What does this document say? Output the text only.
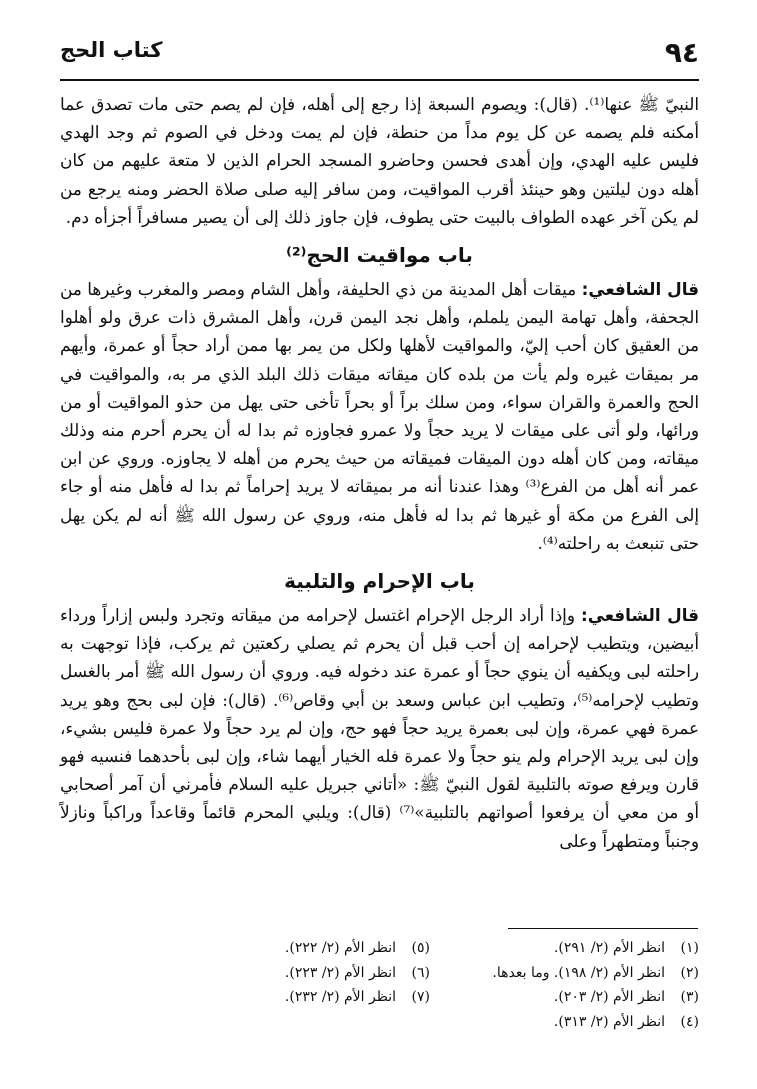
٩٤
كتاب الحج

النبيّ ﷺ عنها⁽¹⁾. (قال): ويصوم السبعة إذا رجع إلى أهله، فإن لم يصم حتى مات تصدق عما أمكنه فلم يصمه عن كل يوم مداً من حنطة، فإن لم يمت ودخل في الصوم ثم وجد الهدي فليس عليه الهدي، وإن أهدى فحسن وحاضرو المسجد الحرام الذين لا متعة عليهم من كان أهله دون ليلتين وهو حينئذ أقرب المواقيت، ومن سافر إليه صلى صلاة الحضر ومنه يرجع من لم يكن آخر عهده الطواف بالبيت حتى يطوف، فإن جاوز ذلك إلى أن يصير مسافراً أجزأه دم.

باب مواقيت الحج⁽²⁾

قال الشافعي: ميقات أهل المدينة من ذي الحليفة، وأهل الشام ومصر والمغرب وغيرها من الجحفة، وأهل تهامة اليمن يلملم، وأهل نجد اليمن قرن، وأهل المشرق ذات عرق ولو أهلوا من العقيق كان أحب إليّ، والمواقيت لأهلها ولكل من يمر بها ممن أراد حجاً أو عمرة، وأيهم مر بميقات غيره ولم يأت من بلده كان ميقاته ميقات ذلك البلد الذي مر به، والمواقيت في الحج والعمرة والقران سواء، ومن سلك براً أو بحراً تأخى حتى يهل من حذو المواقيت أو من ورائها، ولو أتى على ميقات لا يريد حجاً ولا عمرو فجاوزه ثم بدا له أن يحرم أحرم منه وذلك ميقاته، ومن كان أهله دون الميقات فميقاته من حيث يحرم من أهله لا يجاوزه. وروي عن ابن عمر أنه أهل من الفرع⁽³⁾ وهذا عندنا أنه مر بميقاته لا يريد إحراماً ثم بدا له فأهل منه أو جاء إلى الفرع من مكة أو غيرها ثم بدا له فأهل منه، وروي عن رسول الله ﷺ أنه لم يكن يهل حتى تنبعث به راحلته⁽⁴⁾.

باب الإحرام والتلبية

قال الشافعي: وإذا أراد الرجل الإحرام اغتسل لإحرامه من ميقاته وتجرد ولبس إزاراً ورداء أبيضين، ويتطيب لإحرامه إن أحب قبل أن يحرم ثم يصلي ركعتين ثم يركب، فإذا توجهت به راحلته لبى ويكفيه أن ينوي حجاً أو عمرة عند دخوله فيه. وروي أن رسول الله ﷺ أمر بالغسل وتطيب لإحرامه⁽⁵⁾، وتطيب ابن عباس وسعد بن أبي وقاص⁽⁶⁾. (قال): فإن لبى بحج وهو يريد عمرة فهي عمرة، وإن لبى بعمرة يريد حجاً فهو حج، وإن لم يرد حجاً ولا عمرة فليس بشيء، وإن لبى يريد الإحرام ولم ينو حجاً ولا عمرة فله الخيار أيهما شاء، وإن لبى بأحدهما فنسيه فهو قارن ويرفع صوته بالتلبية لقول النبيّ ﷺ: «أتاني جبريل عليه السلام فأمرني أن آمر أصحابي أو من معي أن يرفعوا أصواتهم بالتلبية»⁽⁷⁾ (قال): ويلبي المحرم قائماً وقاعداً وراكباً ونازلاً وجنباً ومتطهراً وعلى

(١)انظر الأم (٢/ ٢٩١).
(٢)انظر الأم (٢/ ١٩٨). وما بعدها.
(٣)انظر الأم (٢/ ٢٠٣).
(٤)انظر الأم (٢/ ٣١٣).
(٥)انظر الأم (٢/ ٢٢٢).
(٦)انظر الأم (٢/ ٢٢٣).
(٧)انظر الأم (٢/ ٢٣٢).
